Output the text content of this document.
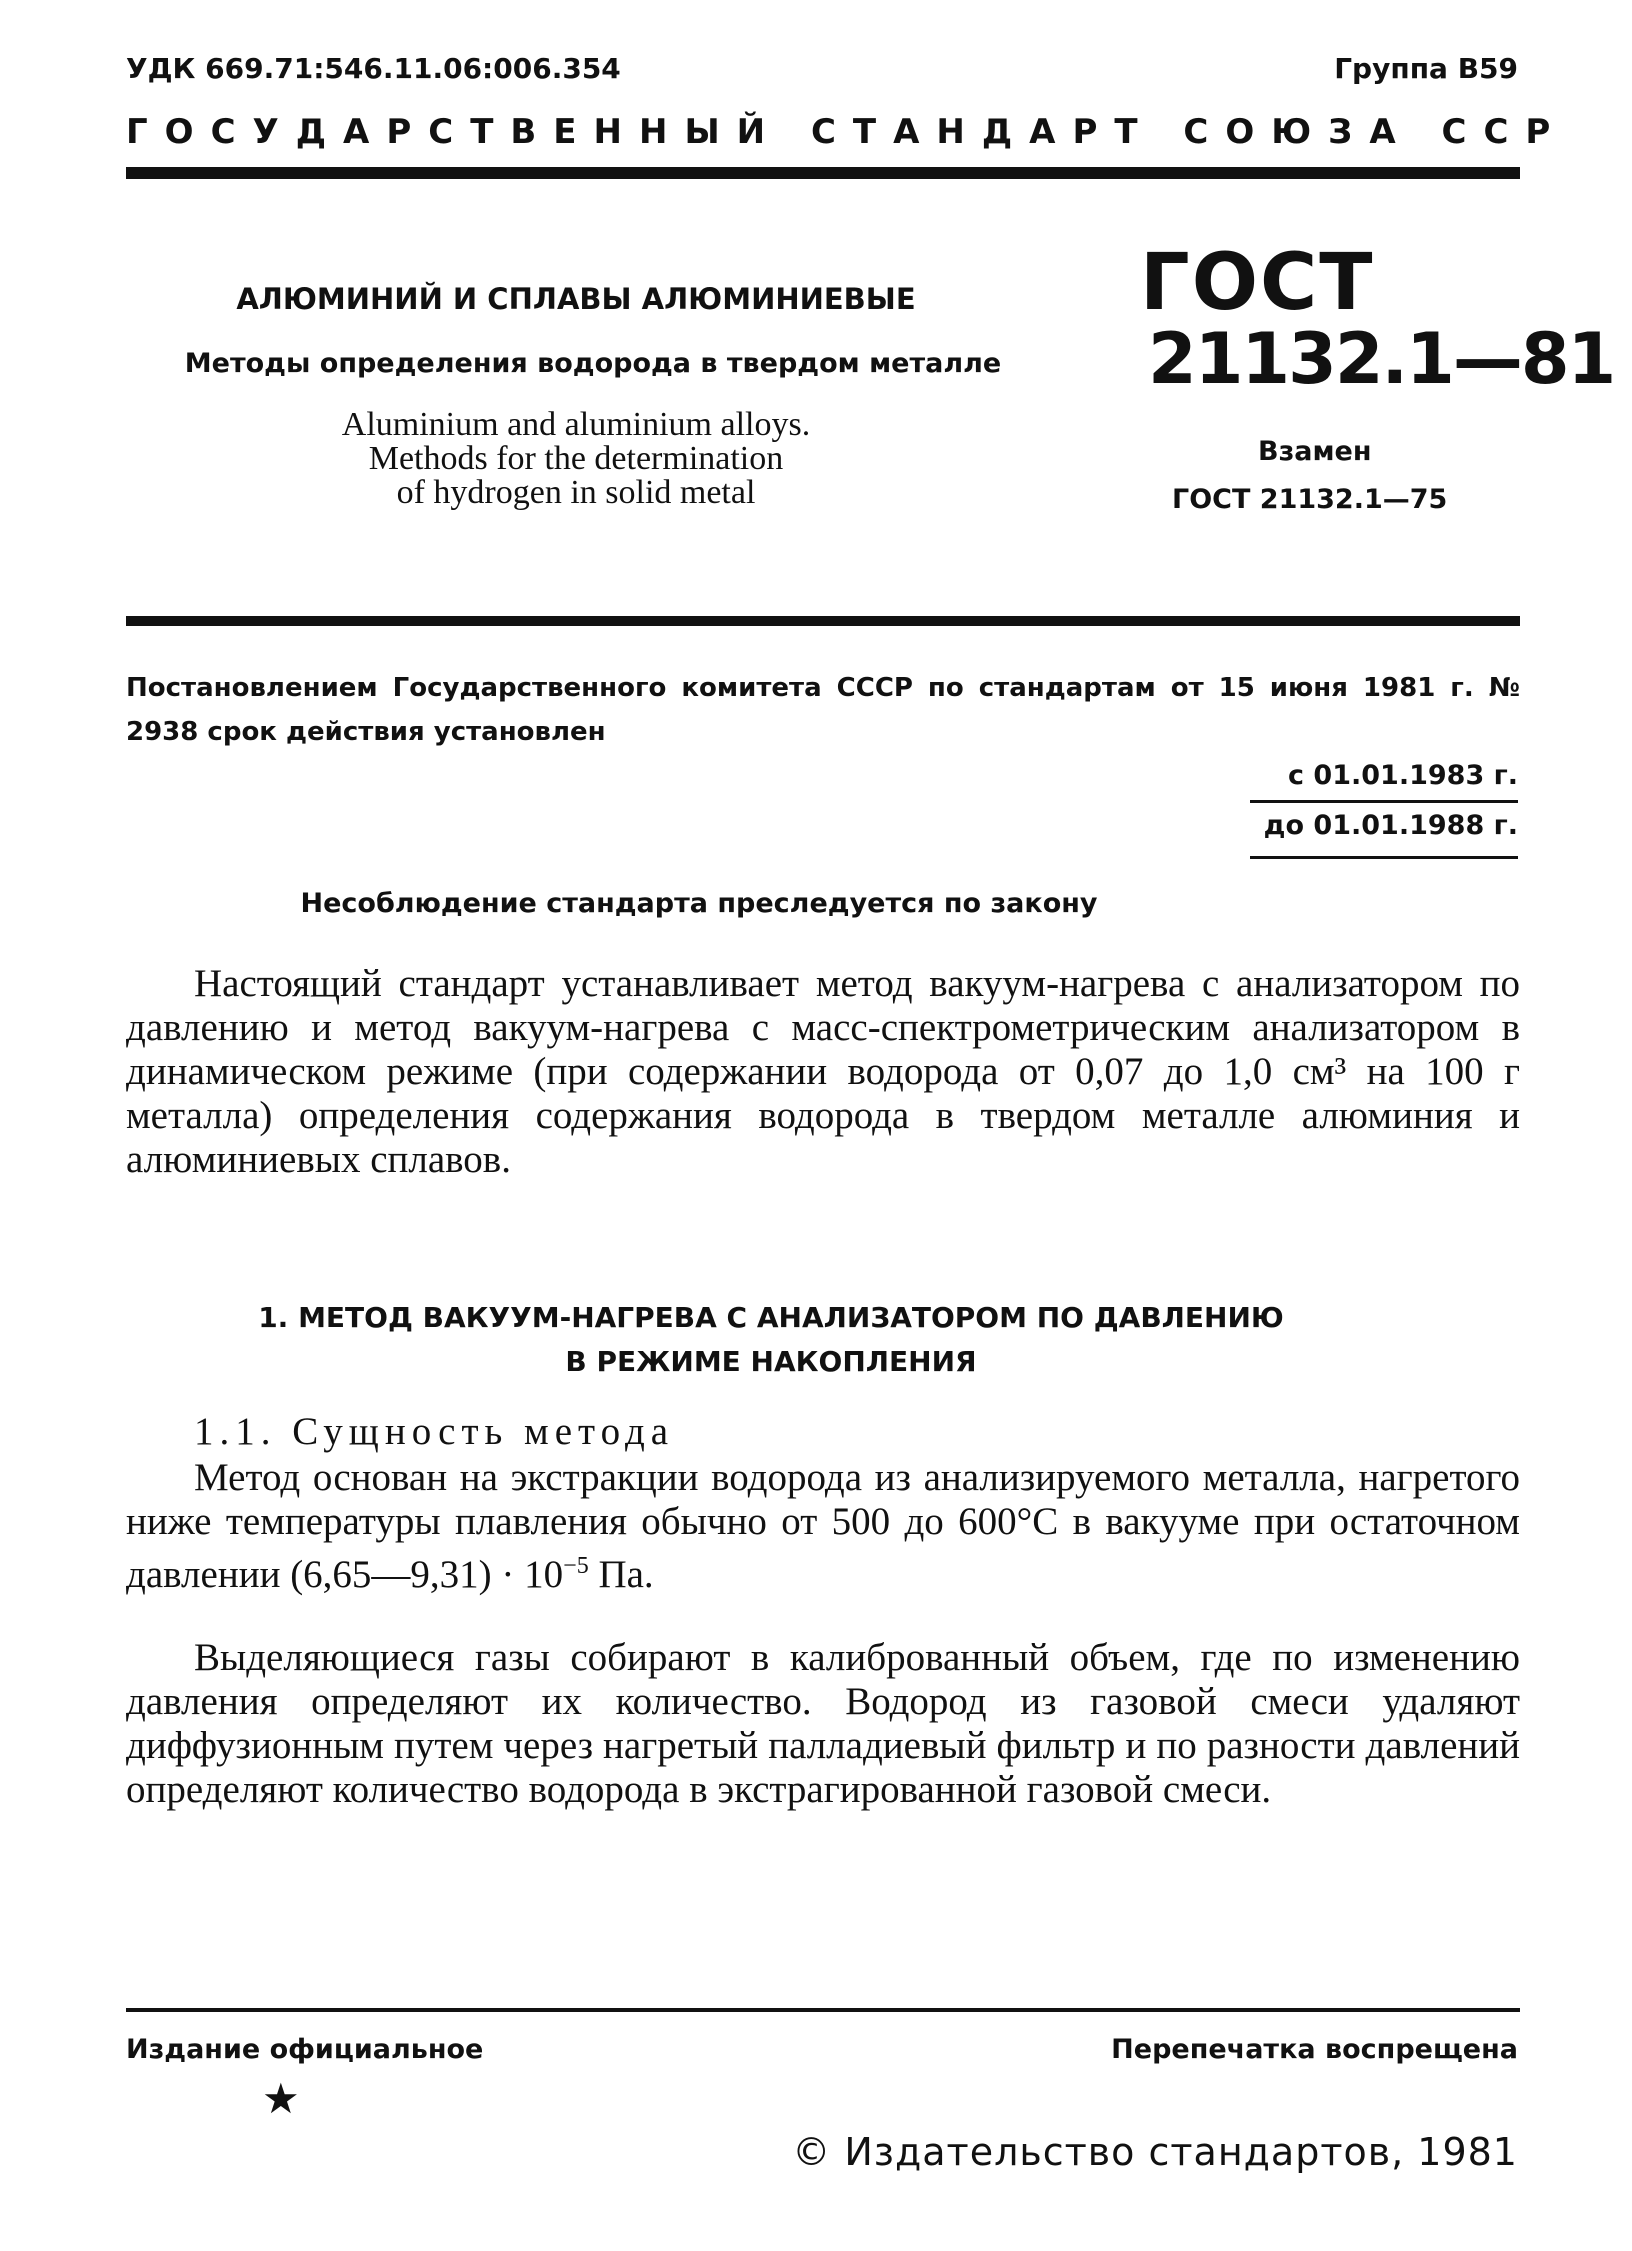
УДК 669.71:546.11.06:006.354	Группа В59
ГОСУДАРСТВЕННЫЙ СТАНДАРТ СОЮЗА ССР
АЛЮМИНИЙ И СПЛАВЫ АЛЮМИНИЕВЫЕ
Методы определения водорода в твердом металле
Aluminium and aluminium alloys.
Methods for the determination
of hydrogen in solid metal
ГОСТ
21132.1—81
Взамен
ГОСТ 21132.1—75
Постановлением Государственного комитета СССР по стандартам от 15 июня 1981 г. № 2938 срок действия установлен
с 01.01.1983 г.
до 01.01.1988 г.
Несоблюдение стандарта преследуется по закону
Настоящий стандарт устанавливает метод вакуум-нагрева с анализатором по давлению и метод вакуум-нагрева с масс-спектрометрическим анализатором в динамическом режиме (при содержании водорода от 0,07 до 1,0 см³ на 100 г металла) определения содержания водорода в твердом металле алюминия и алюминиевых сплавов.
1. МЕТОД ВАКУУМ-НАГРЕВА С АНАЛИЗАТОРОМ ПО ДАВЛЕНИЮ
В РЕЖИМЕ НАКОПЛЕНИЯ
1.1. Сущность метода
Метод основан на экстракции водорода из анализируемого металла, нагретого ниже температуры плавления обычно от 500 до 600°С в вакууме при остаточном давлении (6,65—9,31) · $10^{-5}$ Па.
Выделяющиеся газы собирают в калиброванный объем, где по изменению давления определяют их количество. Водород из газовой смеси удаляют диффузионным путем через нагретый палладиевый фильтр и по разности давлений определяют количество водорода в экстрагированной газовой смеси.
Издание официальное	Перепечатка воспрещена
★
© Издательство стандартов, 1981
